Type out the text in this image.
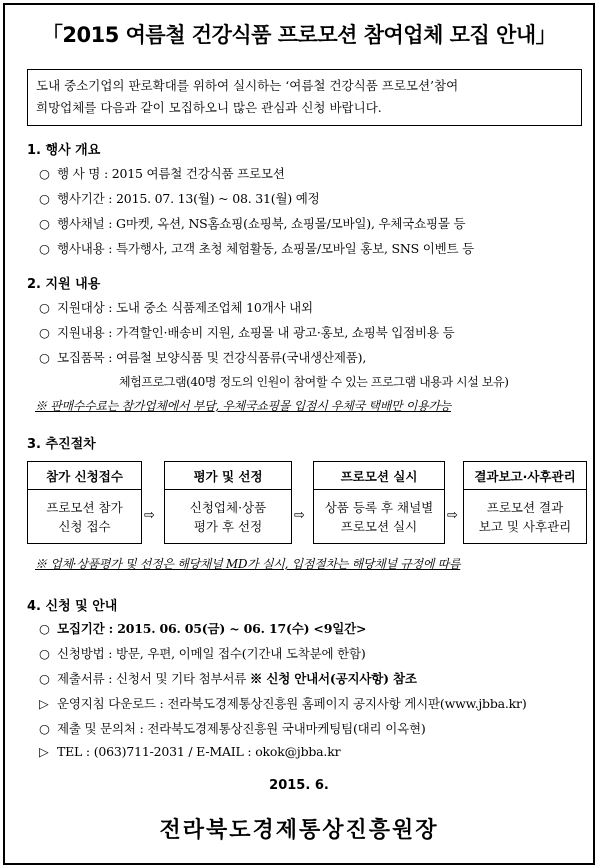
「2015 여름철 건강식품 프로모션 참여업체 모집 안내」
도내 중소기업의 판로확대를 위하여 실시하는 ‘여름철 건강식품 프로모션’참여
희망업체를 다음과 같이 모집하오니 많은 관심과 신청 바랍니다.
1. 행사 개요
○ 행 사 명 : 2015 여름철 건강식품 프로모션
○ 행사기간 : 2015. 07. 13(월) ~ 08. 31(월) 예정
○ 행사채널 : G마켓, 옥션, NS홈쇼핑(쇼핑북, 쇼핑몰/모바일), 우체국쇼핑몰 등
○ 행사내용 : 특가행사, 고객 초청 체험활동, 쇼핑몰/모바일 홍보, SNS 이벤트 등
2. 지원 내용
○ 지원대상 : 도내 중소 식품제조업체 10개사 내외
○ 지원내용 : 가격할인·배송비 지원, 쇼핑몰 내 광고·홍보, 쇼핑북 입점비용 등
○ 모집품목 : 여름철 보양식품 및 건강식품류(국내생산제품),
체험프로그램(40명 정도의 인원이 참여할 수 있는 프로그램 내용과 시설 보유)
※ 판매수수료는 참가업체에서 부담, 우체국쇼핑몰 입점시 우체국 택배만 이용가능
3. 추진절차
참가 신청접수
프로모션 참가
신청 접수
⇨
평가 및 선정
신청업체·상품
평가 후 선정
⇨
프로모션 실시
상품 등록 후 채널별
프로모션 실시
⇨
결과보고·사후관리
프로모션 결과
보고 및 사후관리
※ 업체·상품평가 및 선정은 해당채널 MD가 실시, 입점절차는 해당채널 규정에 따름
4. 신청 및 안내
○ 모집기간 : 2015. 06. 05(금) ~ 06. 17(수) <9일간>
○ 신청방법 : 방문, 우편, 이메일 접수(기간내 도착분에 한함)
○ 제출서류 : 신청서 및 기타 첨부서류 ※ 신청 안내서(공지사항) 참조
▷ 운영지침 다운로드 : 전라북도경제통상진흥원 홈페이지 공지사항 게시판(www.jbba.kr)
○ 제출 및 문의처 : 전라북도경제통상진흥원 국내마케팅팀(대리 이옥현)
▷ TEL : (063)711-2031 / E-MAIL : okok@jbba.kr
2015. 6.
전라북도경제통상진흥원장
